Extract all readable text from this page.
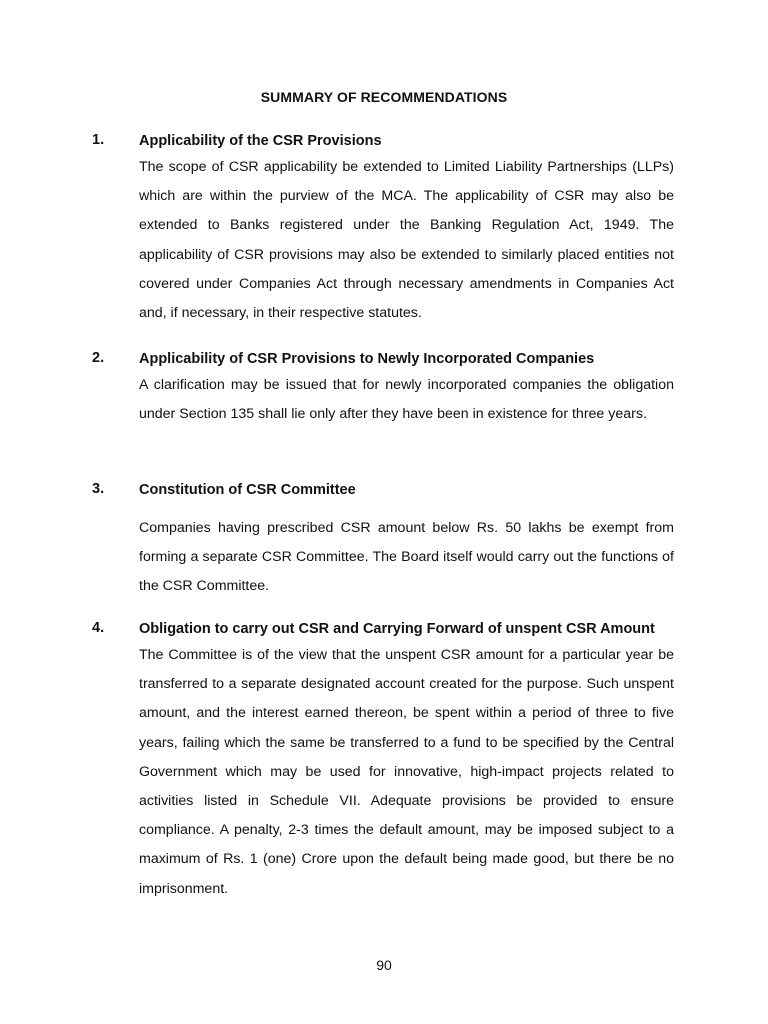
SUMMARY OF RECOMMENDATIONS
1. Applicability of the CSR Provisions
The scope of CSR applicability be extended to Limited Liability Partnerships (LLPs) which are within the purview of the MCA. The applicability of CSR may also be extended to Banks registered under the Banking Regulation Act, 1949. The applicability of CSR provisions may also be extended to similarly placed entities not covered under Companies Act through necessary amendments in Companies Act and, if necessary, in their respective statutes.
2. Applicability of CSR Provisions to Newly Incorporated Companies
A clarification may be issued that for newly incorporated companies the obligation under Section 135 shall lie only after they have been in existence for three years.
3. Constitution of CSR Committee
Companies having prescribed CSR amount below Rs. 50 lakhs be exempt from forming a separate CSR Committee. The Board itself would carry out the functions of the CSR Committee.
4. Obligation to carry out CSR and Carrying Forward of unspent CSR Amount
The Committee is of the view that the unspent CSR amount for a particular year be transferred to a separate designated account created for the purpose. Such unspent amount, and the interest earned thereon, be spent within a period of three to five years, failing which the same be transferred to a fund to be specified by the Central Government which may be used for innovative, high-impact projects related to activities listed in Schedule VII. Adequate provisions be provided to ensure compliance. A penalty, 2-3 times the default amount, may be imposed subject to a maximum of Rs. 1 (one) Crore upon the default being made good, but there be no imprisonment.
90
